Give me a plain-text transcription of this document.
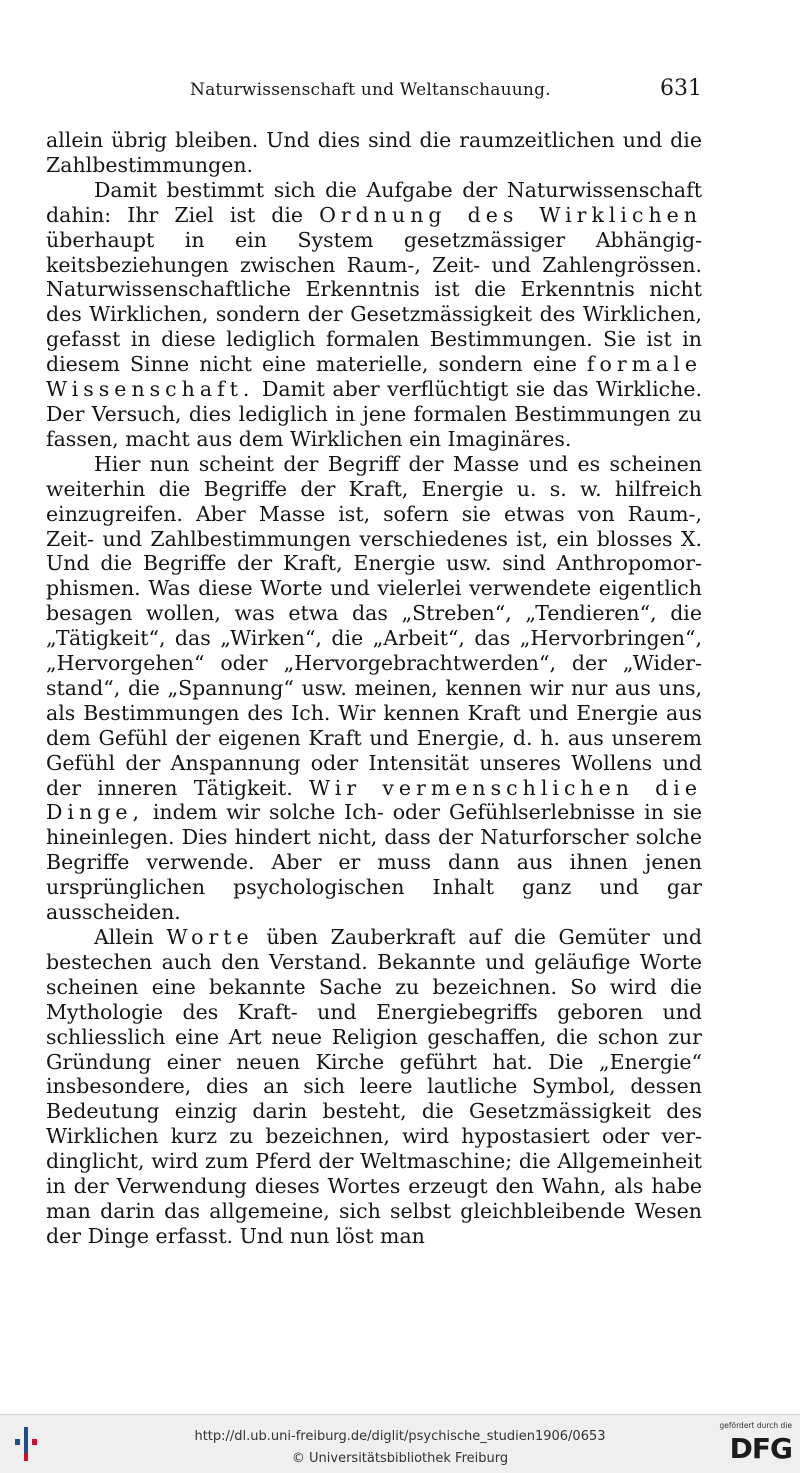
Naturwissenschaft und Weltanschauung.	631

allein übrig bleiben. Und dies sind die raumzeitlichen und die Zahlbestimmungen.

Damit bestimmt sich die Aufgabe der Naturwissenschaft dahin: Ihr Ziel ist die Ordnung des Wirklichen überhaupt in ein System gesetzmässiger Abhängigkeitsbeziehungen zwischen Raum-, Zeit- und Zahlengrössen. Naturwissenschaftliche Erkenntnis ist die Erkenntnis nicht des Wirklichen, sondern der Gesetzmässigkeit des Wirklichen, gefasst in diese lediglich formalen Bestimmungen. Sie ist in diesem Sinne nicht eine materielle, sondern eine formale Wissenschaft. Damit aber verflüchtigt sie das Wirkliche. Der Versuch, dies lediglich in jene formalen Bestimmungen zu fassen, macht aus dem Wirklichen ein Imaginäres.

Hier nun scheint der Begriff der Masse und es scheinen weiterhin die Begriffe der Kraft, Energie u. s. w. hilfreich einzugreifen. Aber Masse ist, sofern sie etwas von Raum-, Zeit- und Zahlbestimmungen verschiedenes ist, ein blosses X. Und die Begriffe der Kraft, Energie usw. sind Anthropomorphismen. Was diese Worte und vielerlei verwendete eigentlich besagen wollen, was etwa das „Streben“, „Tendieren“, die „Tätigkeit“, das „Wirken“, die „Arbeit“, das „Hervorbringen“, „Hervorgehen“ oder „Hervorgebrachtwerden“, der „Widerstand“, die „Spannung“ usw. meinen, kennen wir nur aus uns, als Bestimmungen des Ich. Wir kennen Kraft und Energie aus dem Gefühl der eigenen Kraft und Energie, d. h. aus unserem Gefühl der Anspannung oder Intensität unseres Wollens und der inneren Tätigkeit. Wir vermenschlichen die Dinge, indem wir solche Ich- oder Gefühlserlebnisse in sie hineinlegen. Dies hindert nicht, dass der Naturforscher solche Begriffe verwende. Aber er muss dann aus ihnen jenen ursprünglichen psychologischen Inhalt ganz und gar ausscheiden.

Allein Worte üben Zauberkraft auf die Gemüter und bestechen auch den Verstand. Bekannte und geläufige Worte scheinen eine bekannte Sache zu bezeichnen. So wird die Mythologie des Kraft- und Energiebegriffs geboren und schliesslich eine Art neue Religion geschaffen, die schon zur Gründung einer neuen Kirche geführt hat. Die „Energie“ insbesondere, dies an sich leere lautliche Symbol, dessen Bedeutung einzig darin besteht, die Gesetzmässigkeit des Wirklichen kurz zu bezeichnen, wird hypostasiert oder verdinglicht, wird zum Pferd der Weltmaschine; die Allgemeinheit in der Verwendung dieses Wortes erzeugt den Wahn, als habe man darin das allgemeine, sich selbst gleichbleibende Wesen der Dinge erfasst. Und nun löst man

http://dl.ub.uni-freiburg.de/diglit/psychische_studien1906/0653
© Universitätsbibliothek Freiburg
gefördert durch die
DFG
